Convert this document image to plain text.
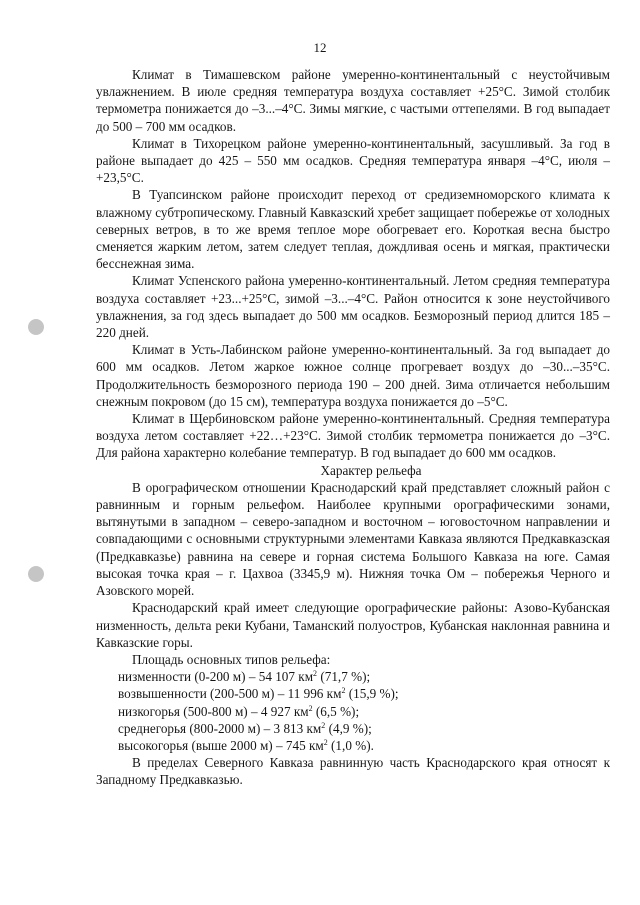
12

Климат в Тимашевском районе умеренно-континентальный с неустойчивым увлажнением. В июле средняя температура воздуха составляет +25°С. Зимой столбик термометра понижается до –3...–4°С. Зимы мягкие, с частыми оттепелями. В год выпадает до 500 – 700 мм осадков.

Климат в Тихорецком районе умеренно-континентальный, засушливый. За год в районе выпадает до 425 – 550 мм осадков. Средняя температура января –4°С, июля – +23,5°С.

В Туапсинском районе происходит переход от средиземноморского климата к влажному субтропическому. Главный Кавказский хребет защищает побережье от холодных северных ветров, в то же время теплое море обогревает его. Короткая весна быстро сменяется жарким летом, затем следует теплая, дождливая осень и мягкая, практически бесснежная зима.

Климат Успенского района умеренно-континентальный. Летом средняя температура воздуха составляет +23...+25°С, зимой –3...–4°С. Район относится к зоне неустойчивого увлажнения, за год здесь выпадает до 500 мм осадков. Безморозный период длится 185 – 220 дней.

Климат в Усть-Лабинском районе умеренно-континентальный. За год выпадает до 600 мм осадков. Летом жаркое южное солнце прогревает воздух до –30...–35°С. Продолжительность безморозного периода 190 – 200 дней. Зима отличается небольшим снежным покровом (до 15 см), температура воздуха понижается до –5°С.

Климат в Щербиновском районе умеренно-континентальный. Средняя температура воздуха летом составляет +22…+23°С. Зимой столбик термометра понижается до –3°С. Для района характерно колебание температур. В год выпадает до 600 мм осадков.

Характер рельефа

В орографическом отношении Краснодарский край представляет сложный район с равнинным и горным рельефом. Наиболее крупными орографическими зонами, вытянутыми в западном – северо-западном и восточном – юговосточном направлении и совпадающими с основными структурными элементами Кавказа являются Предкавказская (Предкавказье) равнина на севере и горная система Большого Кавказа на юге. Самая высокая точка края – г. Цахвоа (3345,9 м). Нижняя точка Ом – побережья Черного и Азовского морей.

Краснодарский край имеет следующие орографические районы: Азово-Кубанская низменность, дельта реки Кубани, Таманский полуостров, Кубанская наклонная равнина и Кавказские горы.

Площадь основных типов рельефа:
низменности (0-200 м) – 54 107 $км^2$ (71,7 %);
возвышенности (200-500 м) – 11 996 $км^2$ (15,9 %);
низкогорья (500-800 м) – 4 927 $км^2$ (6,5 %);
среднегорья (800-2000 м) – 3 813 $км^2$ (4,9 %);
высокогорья (выше 2000 м) – 745 $км^2$ (1,0 %).

В пределах Северного Кавказа равнинную часть Краснодарского края относят к Западному Предкавказью.
